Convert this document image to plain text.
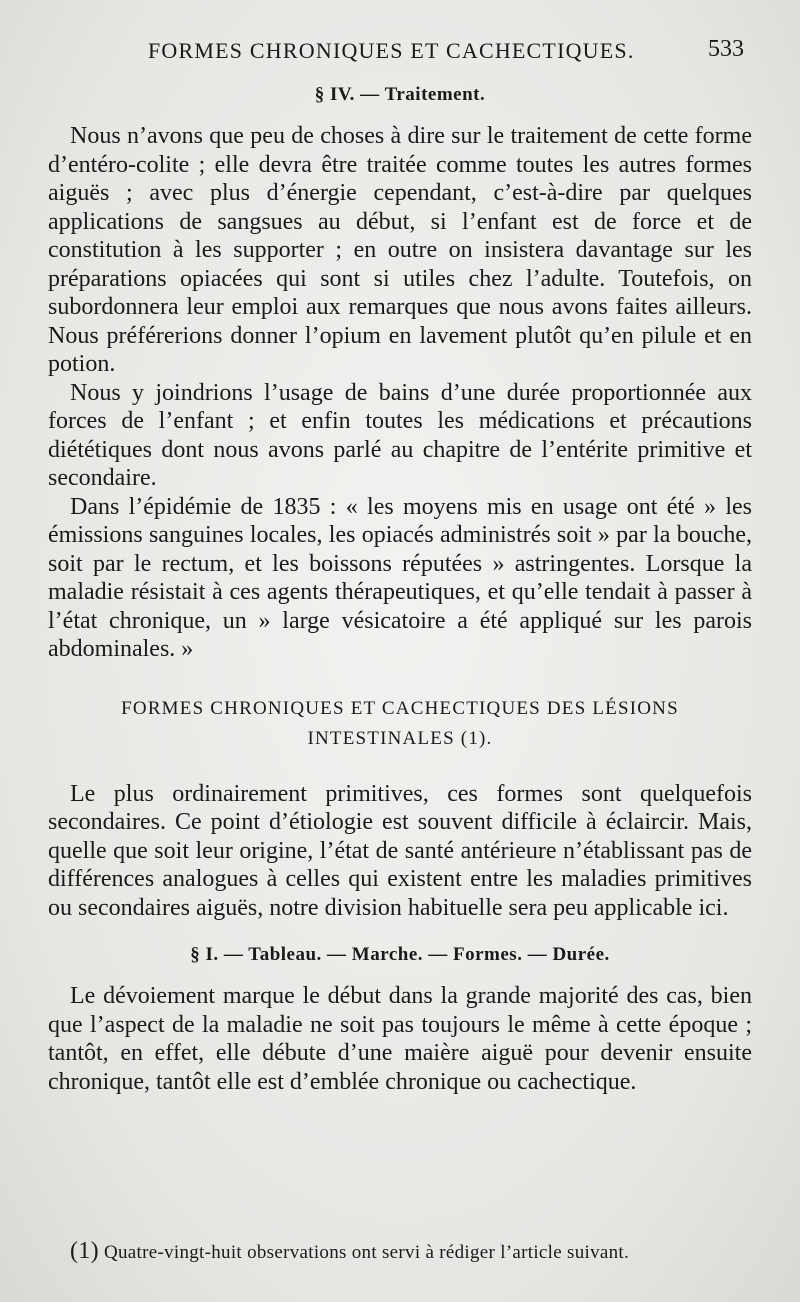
FORMES CHRONIQUES ET CACHECTIQUES.	533
§ IV. — Traitement.

Nous n’avons que peu de choses à dire sur le traitement de cette forme d’entéro-colite ; elle devra être traitée comme toutes les autres formes aiguës ; avec plus d’énergie cependant, c’est-à-dire par quelques applications de sangsues au début, si l’enfant est de force et de constitution à les supporter ; en outre on insistera davantage sur les préparations opiacées qui sont si utiles chez l’adulte. Toutefois, on subordonnera leur emploi aux remarques que nous avons faites ailleurs. Nous préférerions donner l’opium en lavement plutôt qu’en pilule et en potion.

Nous y joindrions l’usage de bains d’une durée proportionnée aux forces de l’enfant ; et enfin toutes les médications et précautions diététiques dont nous avons parlé au chapitre de l’entérite primitive et secondaire.

Dans l’épidémie de 1835 : « les moyens mis en usage ont été » les émissions sanguines locales, les opiacés administrés soit » par la bouche, soit par le rectum, et les boissons réputées » astringentes. Lorsque la maladie résistait à ces agents thérapeutiques, et qu’elle tendait à passer à l’état chronique, un » large vésicatoire a été appliqué sur les parois abdominales. »

FORMES CHRONIQUES ET CACHECTIQUES DES LÉSIONS
INTESTINALES (1).

Le plus ordinairement primitives, ces formes sont quelquefois secondaires. Ce point d’étiologie est souvent difficile à éclaircir. Mais, quelle que soit leur origine, l’état de santé antérieure n’établissant pas de différences analogues à celles qui existent entre les maladies primitives ou secondaires aiguës, notre division habituelle sera peu applicable ici.

§ I. — Tableau. — Marche. — Formes. — Durée.

Le dévoiement marque le début dans la grande majorité des cas, bien que l’aspect de la maladie ne soit pas toujours le même à cette époque ; tantôt, en effet, elle débute d’une maière aiguë pour devenir ensuite chronique, tantôt elle est d’emblée chronique ou cachectique.

(1) Quatre-vingt-huit observations ont servi à rédiger l’article suivant.
